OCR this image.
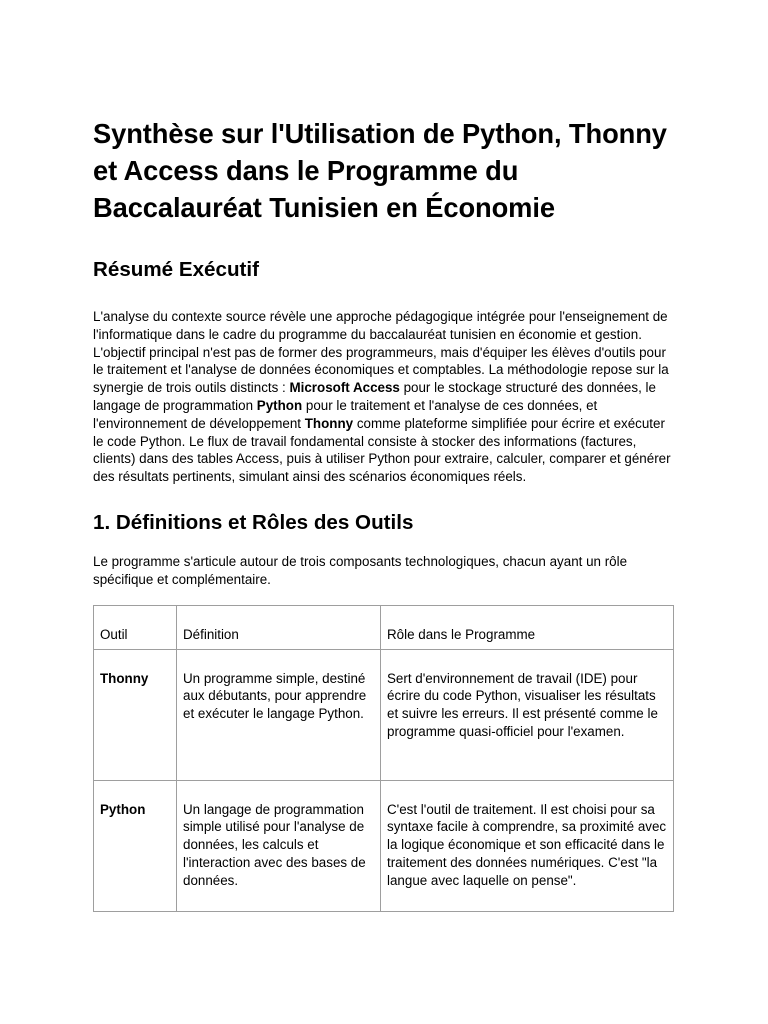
Synthèse sur l'Utilisation de Python, Thonny et Access dans le Programme du Baccalauréat Tunisien en Économie
Résumé Exécutif

L'analyse du contexte source révèle une approche pédagogique intégrée pour l'enseignement de l'informatique dans le cadre du programme du baccalauréat tunisien en économie et gestion. L'objectif principal n'est pas de former des programmeurs, mais d'équiper les élèves d'outils pour le traitement et l'analyse de données économiques et comptables. La méthodologie repose sur la synergie de trois outils distincts : Microsoft Access pour le stockage structuré des données, le langage de programmation Python pour le traitement et l'analyse de ces données, et l'environnement de développement Thonny comme plateforme simplifiée pour écrire et exécuter le code Python. Le flux de travail fondamental consiste à stocker des informations (factures, clients) dans des tables Access, puis à utiliser Python pour extraire, calculer, comparer et générer des résultats pertinents, simulant ainsi des scénarios économiques réels.

1. Définitions et Rôles des Outils

Le programme s'articule autour de trois composants technologiques, chacun ayant un rôle spécifique et complémentaire.

Outil	Définition	Rôle dans le Programme
Thonny	Un programme simple, destiné aux débutants, pour apprendre et exécuter le langage Python.	Sert d'environnement de travail (IDE) pour écrire du code Python, visualiser les résultats et suivre les erreurs. Il est présenté comme le programme quasi-officiel pour l'examen.
Python	Un langage de programmation simple utilisé pour l'analyse de données, les calculs et l'interaction avec des bases de données.	C'est l'outil de traitement. Il est choisi pour sa syntaxe facile à comprendre, sa proximité avec la logique économique et son efficacité dans le traitement des données numériques. C'est "la langue avec laquelle on pense".
